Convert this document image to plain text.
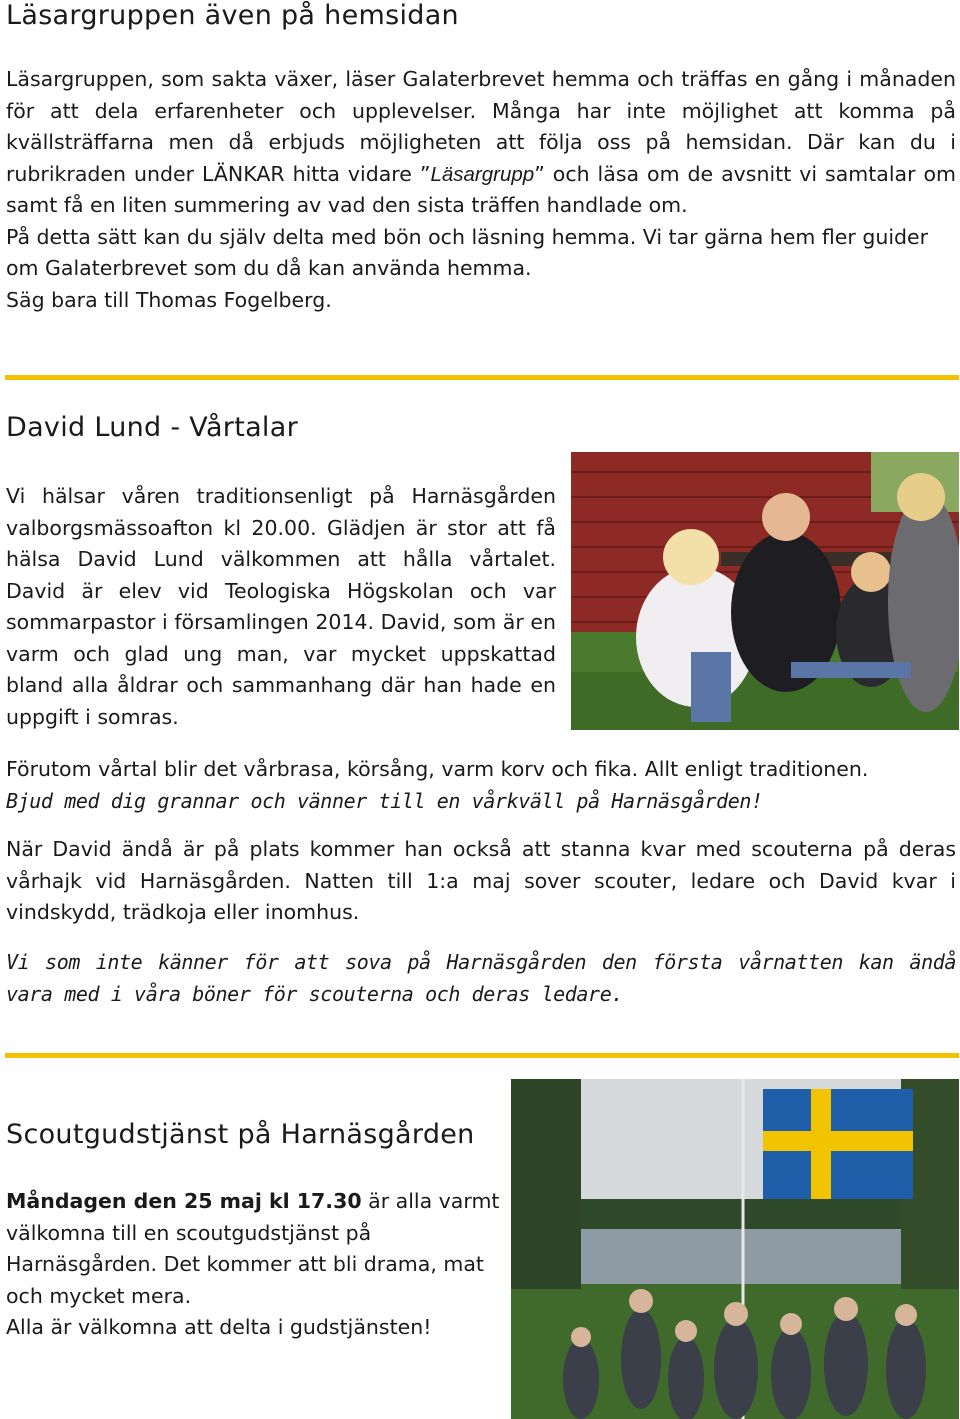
Läsargruppen även på hemsidan

Läsargruppen, som sakta växer, läser Galaterbrevet hemma och träffas en gång i månaden för att dela erfarenheter och upplevelser. Många har inte möjlighet att komma på kvällsträffarna men då erbjuds möjligheten att följa oss på hemsidan. Där kan du i rubrikraden under LÄNKAR hitta vidare ”Läsargrupp” och läsa om de avsnitt vi samtalar om samt få en liten summering av vad den sista träffen handlade om.

På detta sätt kan du själv delta med bön och läsning hemma. Vi tar gärna hem fler guider om Galaterbrevet som du då kan använda hemma.

Säg bara till Thomas Fogelberg.

David Lund - Vårtalar

Vi hälsar våren traditionsenligt på Harnäsgården valborgsmässoafton kl 20.00. Glädjen är stor att få hälsa David Lund välkommen att hålla vårtalet. David är elev vid Teologiska Högskolan och var sommarpastor i församlingen 2014. David, som är en varm och glad ung man, var mycket uppskattad bland alla åldrar och sammanhang där han hade en uppgift i somras.

Förutom vårtal blir det vårbrasa, körsång, varm korv och fika. Allt enligt traditionen.

Bjud med dig grannar och vänner till en vårkväll på Harnäsgården!

När David ändå är på plats kommer han också att stanna kvar med scouterna på deras vårhajk vid Harnäsgården. Natten till 1:a maj sover scouter, ledare och David kvar i vindskydd, trädkoja eller inomhus.

Vi som inte känner för att sova på Harnäsgården den första vårnatten kan ändå vara med i våra böner för scouterna och deras ledare.

Scoutgudstjänst på Harnäsgården

Måndagen den 25 maj kl 17.30 är alla varmt välkomna till en scoutgudstjänst på Harnäsgården. Det kommer att bli drama, mat och mycket mera.

Alla är välkomna att delta i gudstjänsten!
